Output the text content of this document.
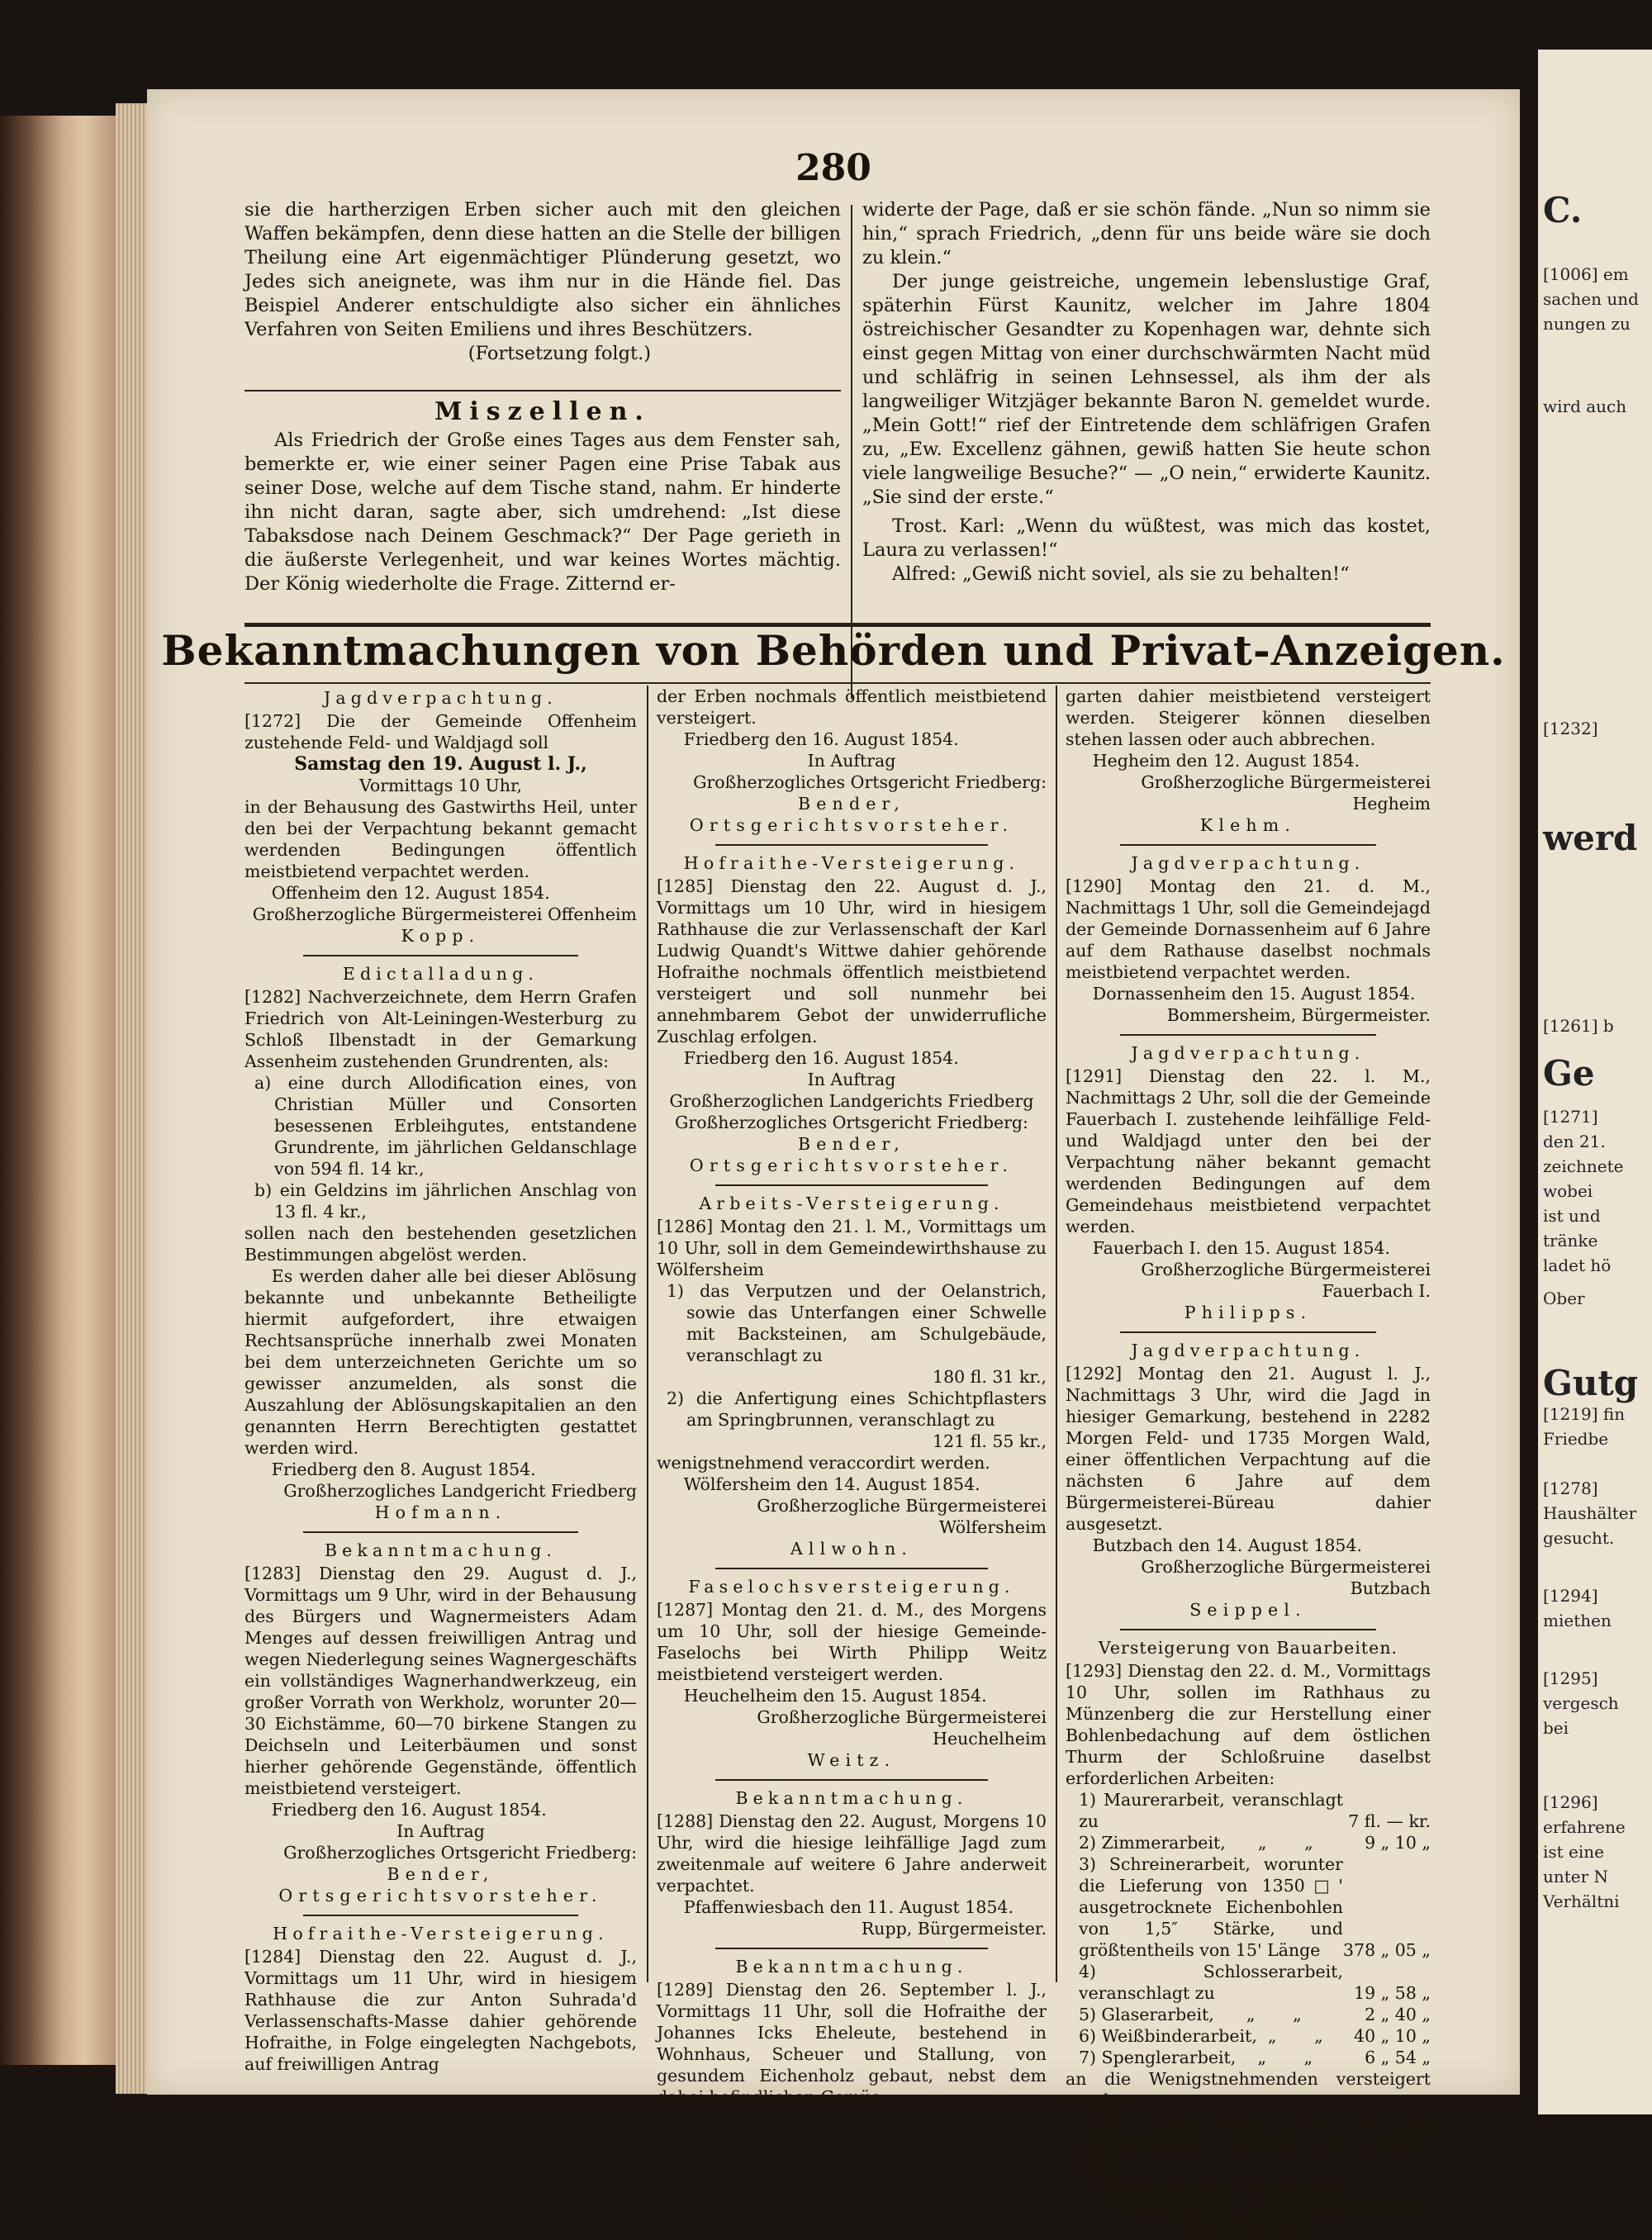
280

sie die hartherzigen Erben sicher auch mit den gleichen Waffen bekämpfen, denn diese hatten an die Stelle der billigen Theilung eine Art eigenmächtiger Plünderung gesetzt, wo Jedes sich aneignete, was ihm nur in die Hände fiel. Das Beispiel Anderer entschuldigte also sicher ein ähnliches Verfahren von Seiten Emiliens und ihres Beschützers.

(Fortsetzung folgt.)

Miszellen.

Als Friedrich der Große eines Tages aus dem Fenster sah, bemerkte er, wie einer seiner Pagen eine Prise Tabak aus seiner Dose, welche auf dem Tische stand, nahm. Er hinderte ihn nicht daran, sagte aber, sich umdrehend: „Ist diese Tabaksdose nach Deinem Geschmack?“ Der Page gerieth in die äußerste Verlegenheit, und war keines Wortes mächtig. Der König wiederholte die Frage. Zitternd er-

widerte der Page, daß er sie schön fände. „Nun so nimm sie hin,“ sprach Friedrich, „denn für uns beide wäre sie doch zu klein.“

Der junge geistreiche, ungemein lebenslustige Graf, späterhin Fürst Kaunitz, welcher im Jahre 1804 östreichischer Gesandter zu Kopenhagen war, dehnte sich einst gegen Mittag von einer durchschwärmten Nacht müd und schläfrig in seinen Lehnsessel, als ihm der als langweiliger Witzjäger bekannte Baron N. gemeldet wurde. „Mein Gott!“ rief der Eintretende dem schläfrigen Grafen zu, „Ew. Excellenz gähnen, gewiß hatten Sie heute schon viele langweilige Besuche?“ — „O nein,“ erwiderte Kaunitz. „Sie sind der erste.“

Trost. Karl: „Wenn du wüßtest, was mich das kostet, Laura zu verlassen!“

Alfred: „Gewiß nicht soviel, als sie zu behalten!“

Bekanntmachungen von Behörden und Privat-Anzeigen.
Jagdverpachtung.

[1272] Die der Gemeinde Offenheim zustehende Feld- und Waldjagd soll

Samstag den 19. August l. J.,

Vormittags 10 Uhr,

in der Behausung des Gastwirths Heil, unter den bei der Verpachtung bekannt gemacht werdenden Bedingungen öffentlich meistbietend verpachtet werden.

Offenheim den 12. August 1854.

Großherzogliche Bürgermeisterei Offenheim

Kopp.

Edictalladung.

[1282] Nachverzeichnete, dem Herrn Grafen Friedrich von Alt-Leiningen-Westerburg zu Schloß Ilbenstadt in der Gemarkung Assenheim zustehenden Grundrenten, als:

a) eine durch Allodification eines, von Christian Müller und Consorten besessenen Erbleihgutes, entstandene Grundrente, im jährlichen Geldanschlage von 594 fl. 14 kr.,

b) ein Geldzins im jährlichen Anschlag von 13 fl. 4 kr.,

sollen nach den bestehenden gesetzlichen Bestimmungen abgelöst werden.

Es werden daher alle bei dieser Ablösung bekannte und unbekannte Betheiligte hiermit aufgefordert, ihre etwaigen Rechtsansprüche innerhalb zwei Monaten bei dem unterzeichneten Gerichte um so gewisser anzumelden, als sonst die Auszahlung der Ablösungskapitalien an den genannten Herrn Berechtigten gestattet werden wird.

Friedberg den 8. August 1854.

Großherzogliches Landgericht Friedberg

Hofmann.

Bekanntmachung.

[1283] Dienstag den 29. August d. J., Vormittags um 9 Uhr, wird in der Behausung des Bürgers und Wagnermeisters Adam Menges auf dessen freiwilligen Antrag und wegen Niederlegung seines Wagnergeschäfts ein vollständiges Wagnerhandwerkzeug, ein großer Vorrath von Werkholz, worunter 20—30 Eichstämme, 60—70 birkene Stangen zu Deichseln und Leiterbäumen und sonst hierher gehörende Gegenstände, öffentlich meistbietend versteigert.

Friedberg den 16. August 1854.

In Auftrag

Großherzogliches Ortsgericht Friedberg:

Bender, Ortsgerichtsvorsteher.

Hofraithe-Versteigerung.

[1284] Dienstag den 22. August d. J., Vormittags um 11 Uhr, wird in hiesigem Rathhause die zur Anton Suhrada'd Verlassenschafts-Masse dahier gehörende Hofraithe, in Folge eingelegten Nachgebots, auf freiwilligen Antrag

der Erben nochmals öffentlich meistbietend versteigert.

Friedberg den 16. August 1854.

In Auftrag

Großherzogliches Ortsgericht Friedberg:

Bender, Ortsgerichtsvorsteher.

Hofraithe-Versteigerung.

[1285] Dienstag den 22. August d. J., Vormittags um 10 Uhr, wird in hiesigem Rathhause die zur Verlassenschaft der Karl Ludwig Quandt's Wittwe dahier gehörende Hofraithe nochmals öffentlich meistbietend versteigert und soll nunmehr bei annehmbarem Gebot der unwiderrufliche Zuschlag erfolgen.

Friedberg den 16. August 1854.

In Auftrag

Großherzoglichen Landgerichts Friedberg

Großherzogliches Ortsgericht Friedberg:

Bender, Ortsgerichtsvorsteher.

Arbeits-Versteigerung.

[1286] Montag den 21. l. M., Vormittags um 10 Uhr, soll in dem Gemeindewirthshause zu Wölfersheim

1) das Verputzen und der Oelanstrich, sowie das Unterfangen einer Schwelle mit Backsteinen, am Schulgebäude, veranschlagt zu

180 fl. 31 kr.,

2) die Anfertigung eines Schichtpflasters am Springbrunnen, veranschlagt zu

121 fl. 55 kr.,

wenigstnehmend veraccordirt werden.

Wölfersheim den 14. August 1854.

Großherzogliche Bürgermeisterei Wölfersheim

Allwohn.

Faselochsversteigerung.

[1287] Montag den 21. d. M., des Morgens um 10 Uhr, soll der hiesige Gemeinde-Faselochs bei Wirth Philipp Weitz meistbietend versteigert werden.

Heuchelheim den 15. August 1854.

Großherzogliche Bürgermeisterei Heuchelheim

Weitz.

Bekanntmachung.

[1288] Dienstag den 22. August, Morgens 10 Uhr, wird die hiesige leihfällige Jagd zum zweitenmale auf weitere 6 Jahre anderweit verpachtet.

Pfaffenwiesbach den 11. August 1854.

Rupp, Bürgermeister.

Bekanntmachung.

[1289] Dienstag den 26. September l. J., Vormittags 11 Uhr, soll die Hofraithe der Johannes Icks Eheleute, bestehend in Wohnhaus, Scheuer und Stallung, von gesundem Eichenholz gebaut, nebst dem dabei befindlichen Gemüs-

garten dahier meistbietend versteigert werden. Steigerer können dieselben stehen lassen oder auch abbrechen.

Hegheim den 12. August 1854.

Großherzogliche Bürgermeisterei Hegheim

Klehm.

Jagdverpachtung.

[1290] Montag den 21. d. M., Nachmittags 1 Uhr, soll die Gemeindejagd der Gemeinde Dornassenheim auf 6 Jahre auf dem Rathause daselbst nochmals meistbietend verpachtet werden.

Dornassenheim den 15. August 1854.

Bommersheim, Bürgermeister.

Jagdverpachtung.

[1291] Dienstag den 22. l. M., Nachmittags 2 Uhr, soll die der Gemeinde Fauerbach I. zustehende leihfällige Feld- und Waldjagd unter den bei der Verpachtung näher bekannt gemacht werdenden Bedingungen auf dem Gemeindehaus meistbietend verpachtet werden.

Fauerbach I. den 15. August 1854.

Großherzogliche Bürgermeisterei Fauerbach I.

Philipps.

Jagdverpachtung.

[1292] Montag den 21. August l. J., Nachmittags 3 Uhr, wird die Jagd in hiesiger Gemarkung, bestehend in 2282 Morgen Feld- und 1735 Morgen Wald, einer öffentlichen Verpachtung auf die nächsten 6 Jahre auf dem Bürgermeisterei-Büreau dahier ausgesetzt.

Butzbach den 14. August 1854.

Großherzogliche Bürgermeisterei Butzbach

Seippel.

Versteigerung von Bauarbeiten.

[1293] Dienstag den 22. d. M., Vormittags 10 Uhr, sollen im Rathhaus zu Münzenberg die zur Herstellung einer Bohlenbedachung auf dem östlichen Thurm der Schloßruine daselbst erforderlichen Arbeiten:

1) Maurerarbeit, veranschlagt zu	7 fl. — kr.
2) Zimmerarbeit,      „       „	9 „ 10 „
3) Schreinerarbeit, worunter die Lieferung von 1350□' ausgetrocknete Eichenbohlen von 1,5″ Stärke, und größtentheils von 15' Länge	378 „ 05 „
4) Schlosserarbeit, veranschlagt zu	19 „ 58 „
5) Glaserarbeit,      „       „	2 „ 40 „
6) Weißbinderarbeit,  „       „ 40 „ 10 „
7) Spenglerarbeit,    „       „	6 „ 54 „

an die Wenigstnehmenden versteigert werden.

Der Voranschlag liegt bei der unterzeichneten Behörde zur Einsicht offen.

Gießen den 16. August 1854.

Großherzogliches Kreisbauamt Gießen

Holzapfel.

C.
[1006] em
sachen und
nungen zu
wird auch
[1232]
werd
[1261] b
Ge
[1271]
den 21.
zeichnete
wobei
ist und
tränke
ladet hö
Ober
Gutg
[1219] fin
Friedbe
[1278]
Haushälter
gesucht.
[1294]
miethen
[1295]
vergesch
bei
[1296]
erfahrene
ist eine
unter N
Verhältni
